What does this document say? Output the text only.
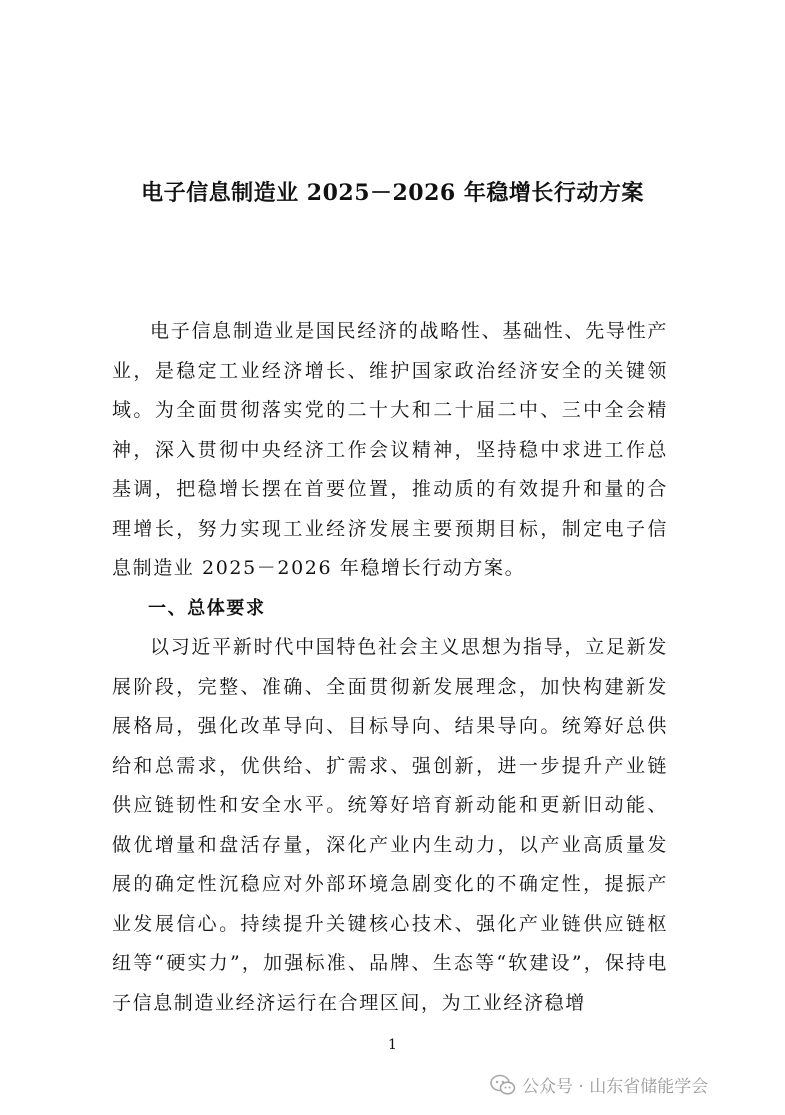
电子信息制造业 2025－2026 年稳增长行动方案

电子信息制造业是国民经济的战略性、基础性、先导性产业，是稳定工业经济增长、维护国家政治经济安全的关键领域。为全面贯彻落实党的二十大和二十届二中、三中全会精神，深入贯彻中央经济工作会议精神，坚持稳中求进工作总基调，把稳增长摆在首要位置，推动质的有效提升和量的合理增长，努力实现工业经济发展主要预期目标，制定电子信息制造业 2025－2026 年稳增长行动方案。

一、总体要求

以习近平新时代中国特色社会主义思想为指导，立足新发展阶段，完整、准确、全面贯彻新发展理念，加快构建新发展格局，强化改革导向、目标导向、结果导向。统筹好总供给和总需求，优供给、扩需求、强创新，进一步提升产业链供应链韧性和安全水平。统筹好培育新动能和更新旧动能、做优增量和盘活存量，深化产业内生动力，以产业高质量发展的确定性沉稳应对外部环境急剧变化的不确定性，提振产业发展信心。持续提升关键核心技术、强化产业链供应链枢纽等“硬实力”，加强标准、品牌、生态等“软建设”，保持电子信息制造业经济运行在合理区间，为工业经济稳增

1
公众号 · 山东省储能学会
